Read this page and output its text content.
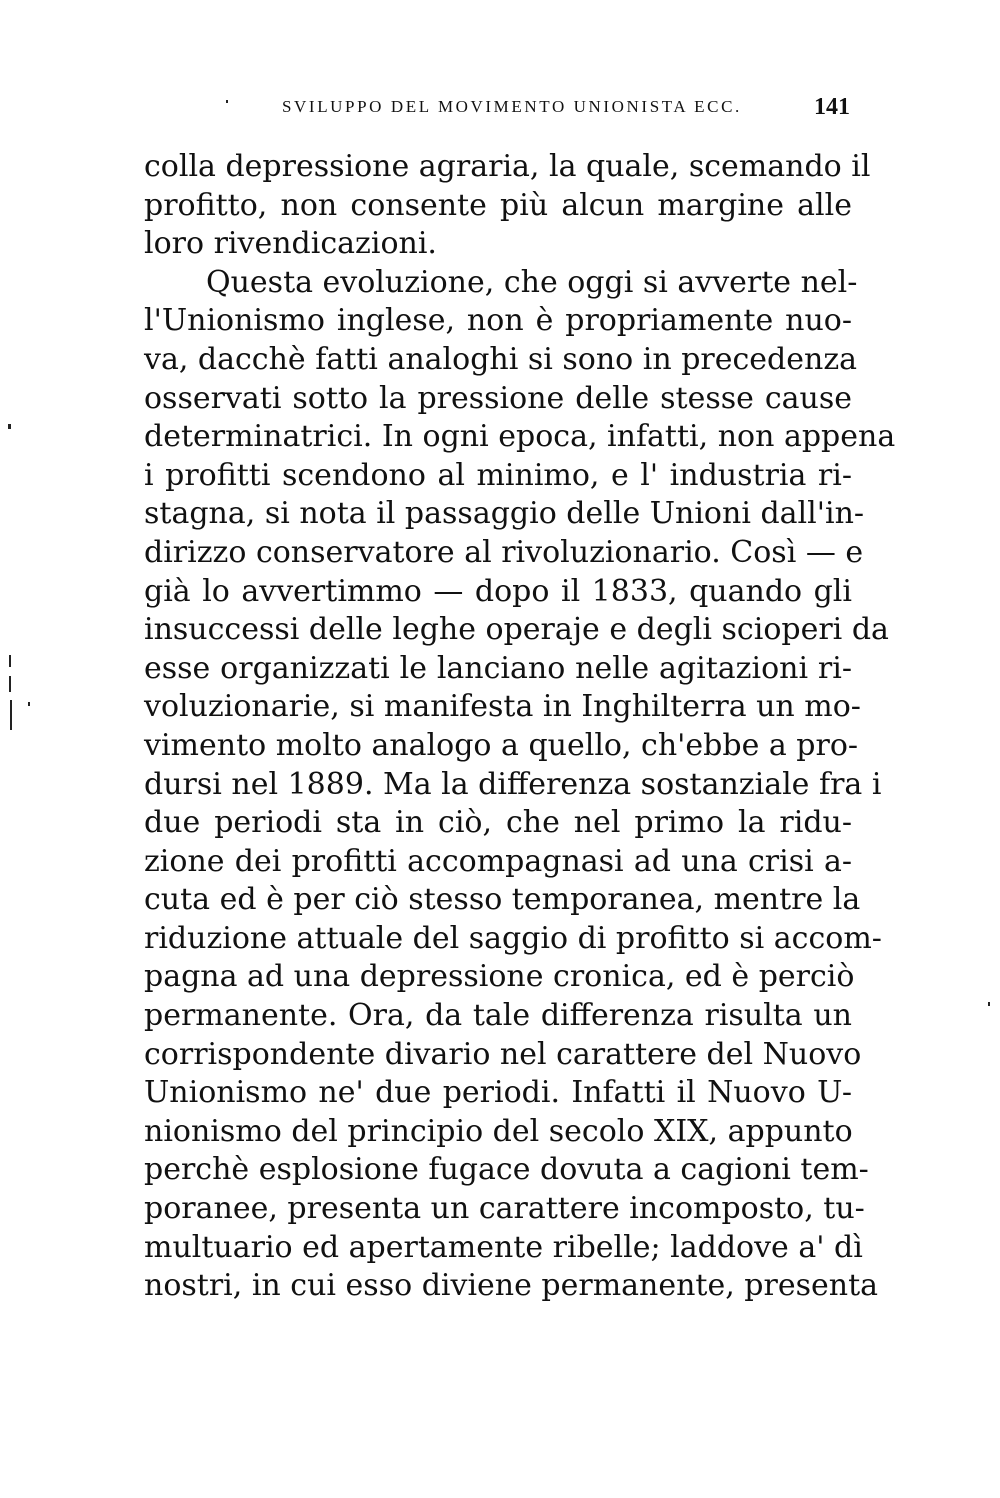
SVILUPPO DEL MOVIMENTO UNIONISTA ECC.	141
colla depressione agraria, la quale, scemando il
profitto, non consente più alcun margine alle
loro rivendicazioni.
Questa evoluzione, che oggi si avverte nel-
l'Unionismo inglese, non è propriamente nuo-
va, dacchè fatti analoghi si sono in precedenza
osservati sotto la pressione delle stesse cause
determinatrici. In ogni epoca, infatti, non appena
i profitti scendono al minimo, e l' industria ri-
stagna, si nota il passaggio delle Unioni dall'in-
dirizzo conservatore al rivoluzionario. Così — e
già lo avvertimmo — dopo il 1833, quando gli
insuccessi delle leghe operaje e degli scioperi da
esse organizzati le lanciano nelle agitazioni ri-
voluzionarie, si manifesta in Inghilterra un mo-
vimento molto analogo a quello, ch'ebbe a pro-
dursi nel 1889. Ma la differenza sostanziale fra i
due periodi sta in ciò, che nel primo la ridu-
zione dei profitti accompagnasi ad una crisi a-
cuta ed è per ciò stesso temporanea, mentre la
riduzione attuale del saggio di profitto si accom-
pagna ad una depressione cronica, ed è perciò
permanente. Ora, da tale differenza risulta un
corrispondente divario nel carattere del Nuovo
Unionismo ne' due periodi. Infatti il Nuovo U-
nionismo del principio del secolo XIX, appunto
perchè esplosione fugace dovuta a cagioni tem-
poranee, presenta un carattere incomposto, tu-
multuario ed apertamente ribelle; laddove a' dì
nostri, in cui esso diviene permanente, presenta
